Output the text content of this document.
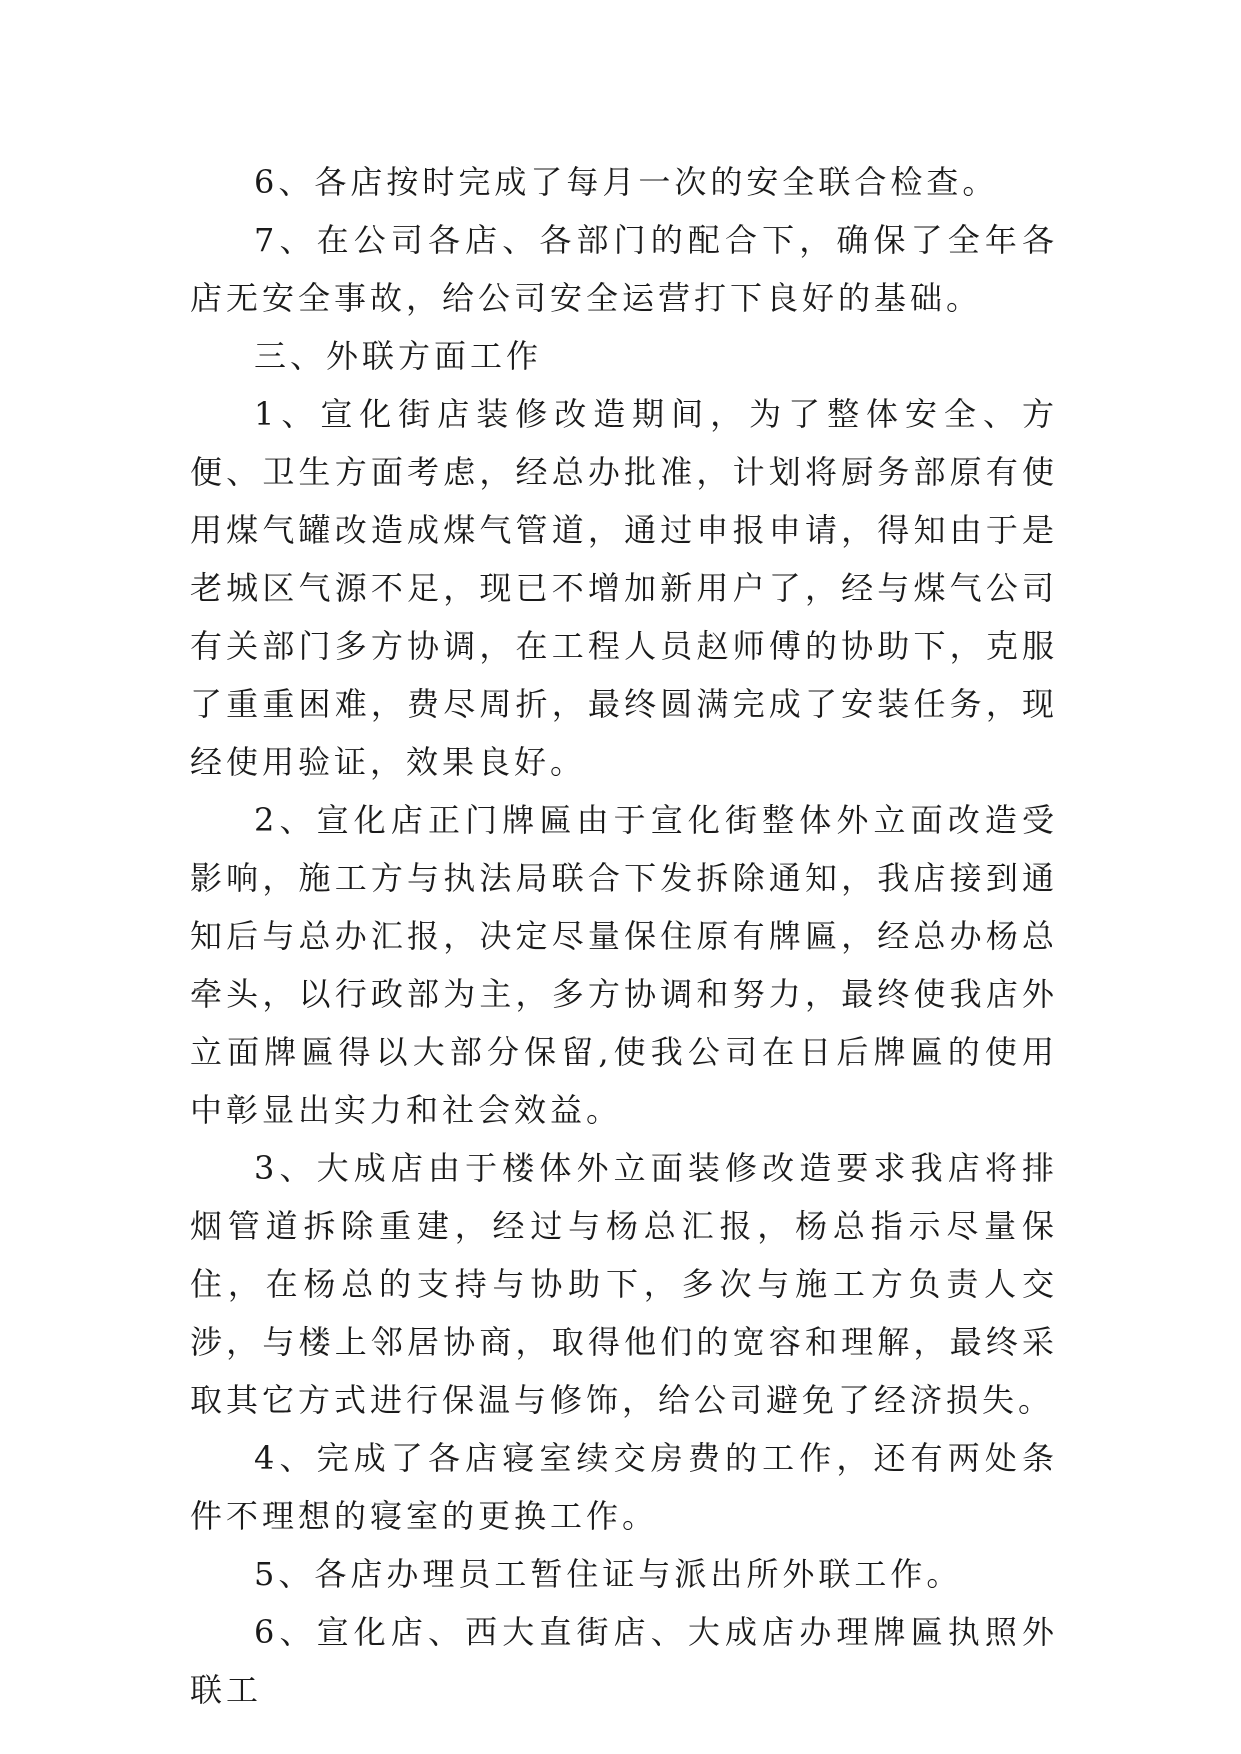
6、各店按时完成了每月一次的安全联合检查。

7、在公司各店、各部门的配合下，确保了全年各店无安全事故，给公司安全运营打下良好的基础。

三、外联方面工作

1、宣化街店装修改造期间，为了整体安全、方便、卫生方面考虑，经总办批准，计划将厨务部原有使用煤气罐改造成煤气管道，通过申报申请，得知由于是老城区气源不足，现已不增加新用户了，经与煤气公司有关部门多方协调，在工程人员赵师傅的协助下，克服了重重困难，费尽周折，最终圆满完成了安装任务，现经使用验证，效果良好。

2、宣化店正门牌匾由于宣化街整体外立面改造受影响，施工方与执法局联合下发拆除通知，我店接到通知后与总办汇报，决定尽量保住原有牌匾，经总办杨总牵头，以行政部为主，多方协调和努力，最终使我店外立面牌匾得以大部分保留,使我公司在日后牌匾的使用中彰显出实力和社会效益。

3、大成店由于楼体外立面装修改造要求我店将排烟管道拆除重建，经过与杨总汇报，杨总指示尽量保住，在杨总的支持与协助下，多次与施工方负责人交涉，与楼上邻居协商，取得他们的宽容和理解，最终采取其它方式进行保温与修饰，给公司避免了经济损失。

4、完成了各店寝室续交房费的工作，还有两处条件不理想的寝室的更换工作。

5、各店办理员工暂住证与派出所外联工作。

6、宣化店、西大直街店、大成店办理牌匾执照外联工
